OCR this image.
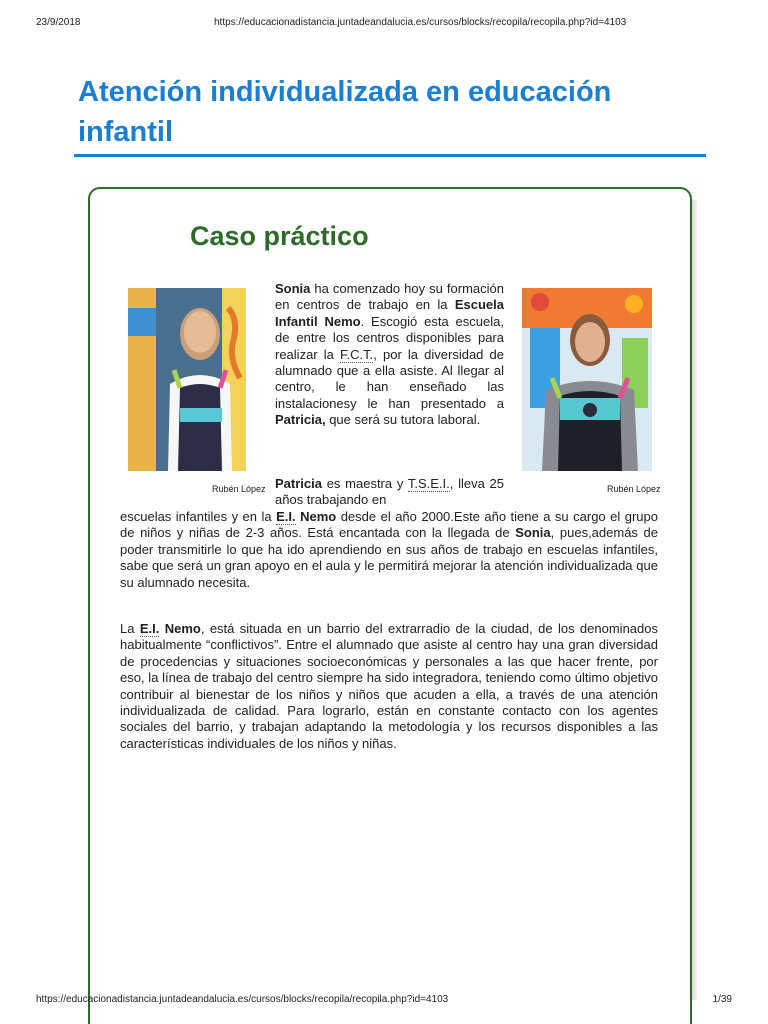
23/9/2018	https://educacionadistancia.juntadeandalucia.es/cursos/blocks/recopila/recopila.php?id=4103
Atención individualizada en educación infantil
Caso práctico
Rubén López	Rubén López

Sonia ha comenzado hoy su formación en centros de trabajo en la Escuela Infantil Nemo. Escogió esta escuela, de entre los centros disponibles para realizar la F.C.T., por la diversidad de alumnado que a ella asiste. Al llegar al centro, le han enseñado las instalacionesy le han presentado a Patricia, que será su tutora laboral.

Patricia es maestra y T.S.E.I., lleva 25 años trabajando en

escuelas infantiles y en la E.I. Nemo desde el año 2000.Este año tiene a su cargo el grupo de niños y niñas de 2-3 años. Está encantada con la llegada de Sonia, pues,además de poder transmitirle lo que ha ido aprendiendo en sus años de trabajo en escuelas infantiles, sabe que será un gran apoyo en el aula y le permitirá mejorar la atención individualizada que su alumnado necesita.

La E.I. Nemo, está situada en un barrio del extrarradio de la ciudad, de los denominados habitualmente “conflictivos”. Entre el alumnado que asiste al centro hay una gran diversidad de procedencias y situaciones socioeconómicas y personales a las que hacer frente, por eso, la línea de trabajo del centro siempre ha sido integradora, teniendo como último objetivo contribuir al bienestar de los niños y niños que acuden a ella, a través de una atención individualizada de calidad. Para lograrlo, están en constante contacto con los agentes sociales del barrio, y trabajan adaptando la metodología y los recursos disponibles a las características individuales de los niños y niñas.

https://educacionadistancia.juntadeandalucia.es/cursos/blocks/recopila/recopila.php?id=4103	1/39
